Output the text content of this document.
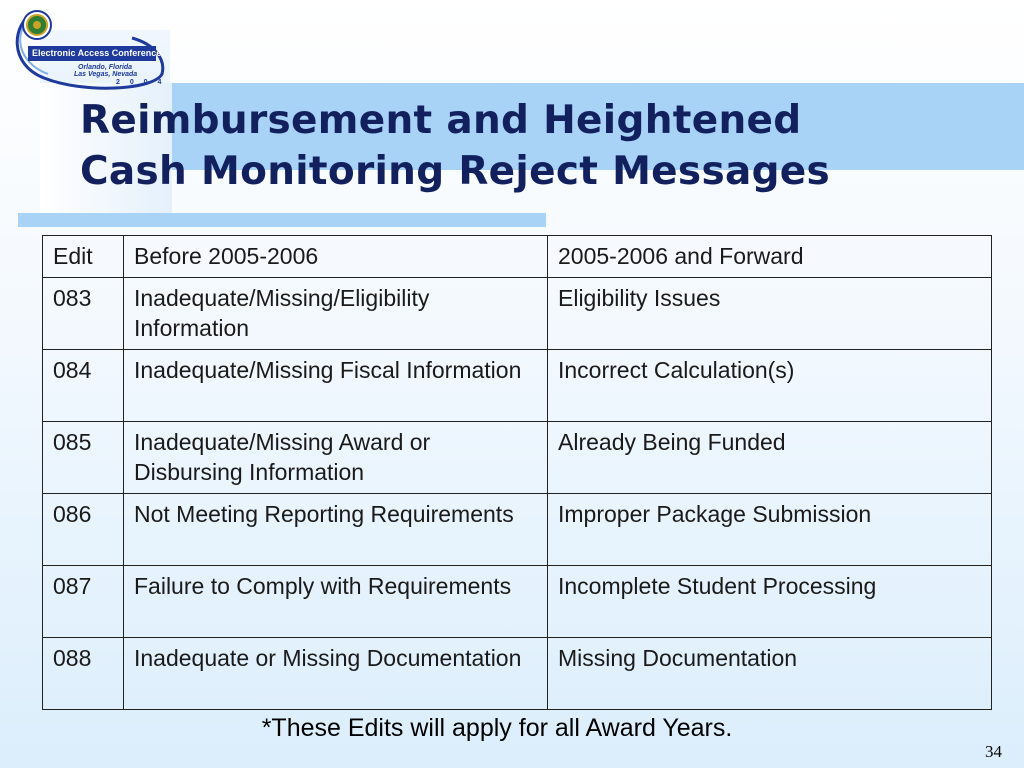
Electronic Access Conference
Orlando, Florida
Las Vegas, Nevada
2 0 0 4
Reimbursement and Heightened
Cash Monitoring Reject Messages
Edit	Before 2005-2006	2005-2006 and Forward
083	Inadequate/Missing/Eligibility Information	Eligibility Issues
084	Inadequate/Missing Fiscal Information	Incorrect Calculation(s)
085	Inadequate/Missing Award or Disbursing Information	Already Being Funded
086	Not Meeting Reporting Requirements	Improper Package Submission
087	Failure to Comply with Requirements	Incomplete Student Processing
088	Inadequate or Missing Documentation	Missing Documentation
*These Edits will apply for all Award Years.
34
